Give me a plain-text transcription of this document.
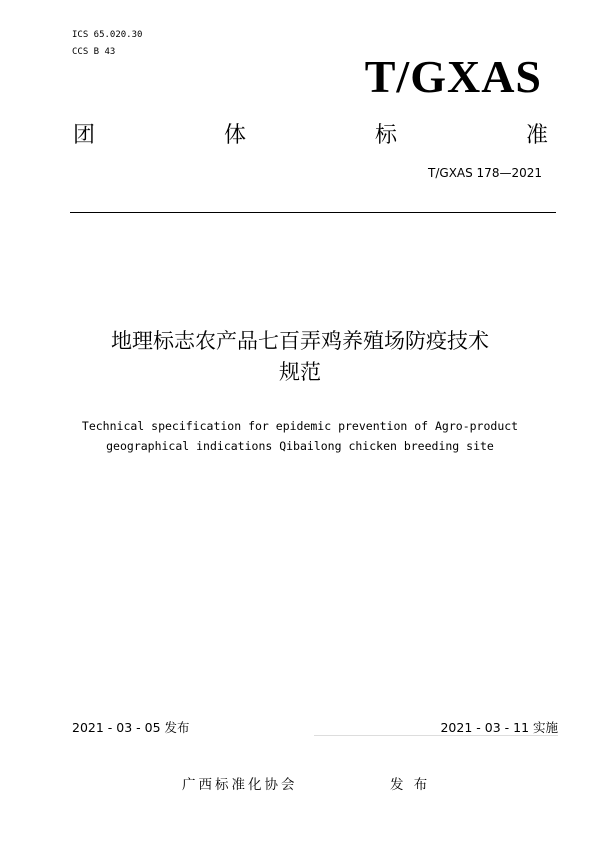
ICS 65.020.30
CCS B 43	T/GXAS
团	体	标	准
T/GXAS 178—2021
地理标志农产品七百弄鸡养殖场防疫技术
规范
Technical specification for epidemic prevention of Agro-product
geographical indications Qibailong chicken breeding site
2021 - 03 - 05 发布	2021 - 03 - 11 实施
广西标准化协会	发 布
